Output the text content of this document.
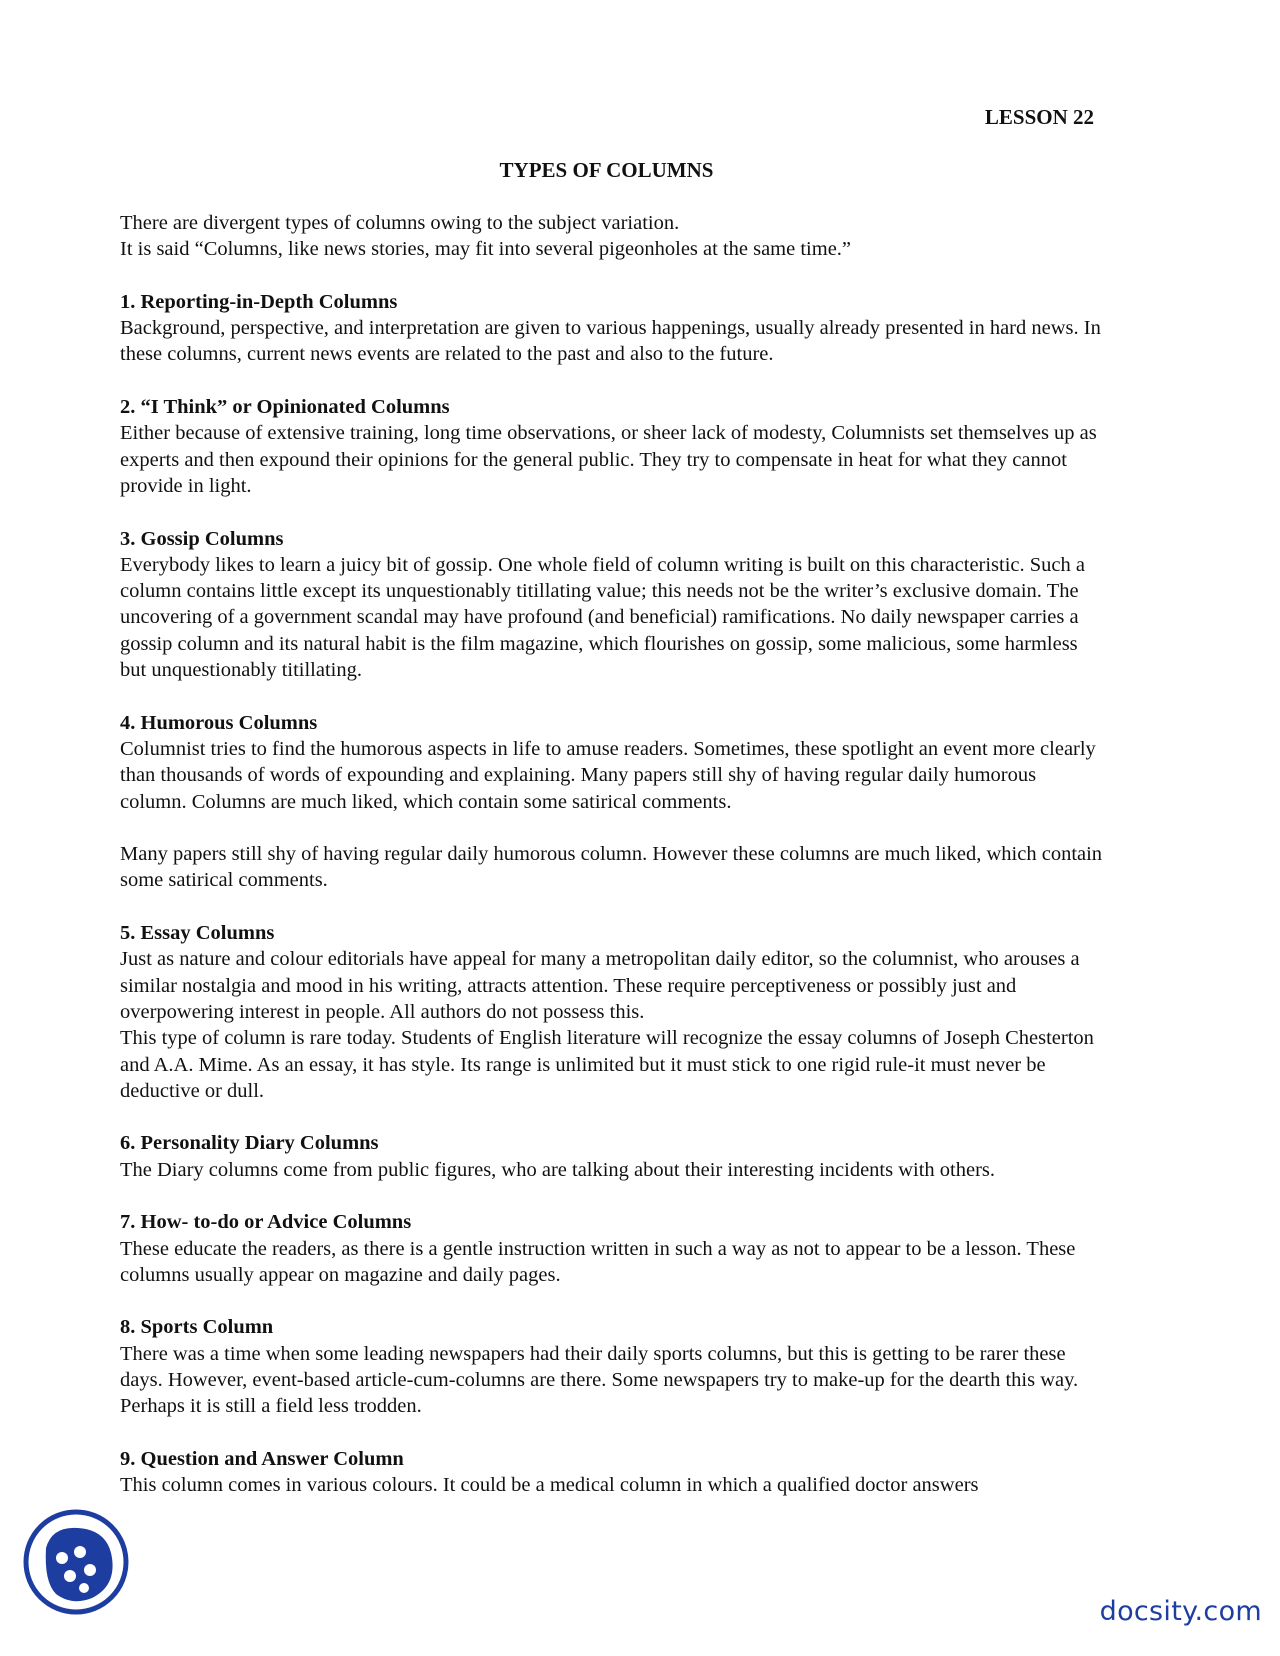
LESSON 22
TYPES OF COLUMNS

There are divergent types of columns owing to the subject variation.

It is said “Columns, like news stories, may fit into several pigeonholes at the same time.”

1. Reporting-in-Depth Columns

Background, perspective, and interpretation are given to various happenings, usually already presented in hard news. In these columns, current news events are related to the past and also to the future.

2. “I Think” or Opinionated Columns

Either because of extensive training, long time observations, or sheer lack of modesty, Columnists set themselves up as experts and then expound their opinions for the general public. They try to compensate in heat for what they cannot provide in light.

3. Gossip Columns

Everybody likes to learn a juicy bit of gossip. One whole field of column writing is built on this characteristic. Such a column contains little except its unquestionably titillating value; this needs not be the writer’s exclusive domain. The uncovering of a government scandal may have profound (and beneficial) ramifications. No daily newspaper carries a gossip column and its natural habit is the film magazine, which flourishes on gossip, some malicious, some harmless but unquestionably titillating.

4. Humorous Columns

Columnist tries to find the humorous aspects in life to amuse readers. Sometimes, these spotlight an event more clearly than thousands of words of expounding and explaining. Many papers still shy of having regular daily humorous column. Columns are much liked, which contain some satirical comments.

Many papers still shy of having regular daily humorous column. However these columns are much liked, which contain some satirical comments.

5. Essay Columns

Just as nature and colour editorials have appeal for many a metropolitan daily editor, so the columnist, who arouses a similar nostalgia and mood in his writing, attracts attention. These require perceptiveness or possibly just and overpowering interest in people. All authors do not possess this.

This type of column is rare today. Students of English literature will recognize the essay columns of Joseph Chesterton and A.A. Mime. As an essay, it has style. Its range is unlimited but it must stick to one rigid rule-it must never be deductive or dull.

6. Personality Diary Columns

The Diary columns come from public figures, who are talking about their interesting incidents with others.

7. How- to-do or Advice Columns

These educate the readers, as there is a gentle instruction written in such a way as not to appear to be a lesson. These columns usually appear on magazine and daily pages.

8. Sports Column

There was a time when some leading newspapers had their daily sports columns, but this is getting to be rarer these days. However, event-based article-cum-columns are there. Some newspapers try to make-up for the dearth this way. Perhaps it is still a field less trodden.

9. Question and Answer Column

This column comes in various colours. It could be a medical column in which a qualified doctor answers

docsity.com
